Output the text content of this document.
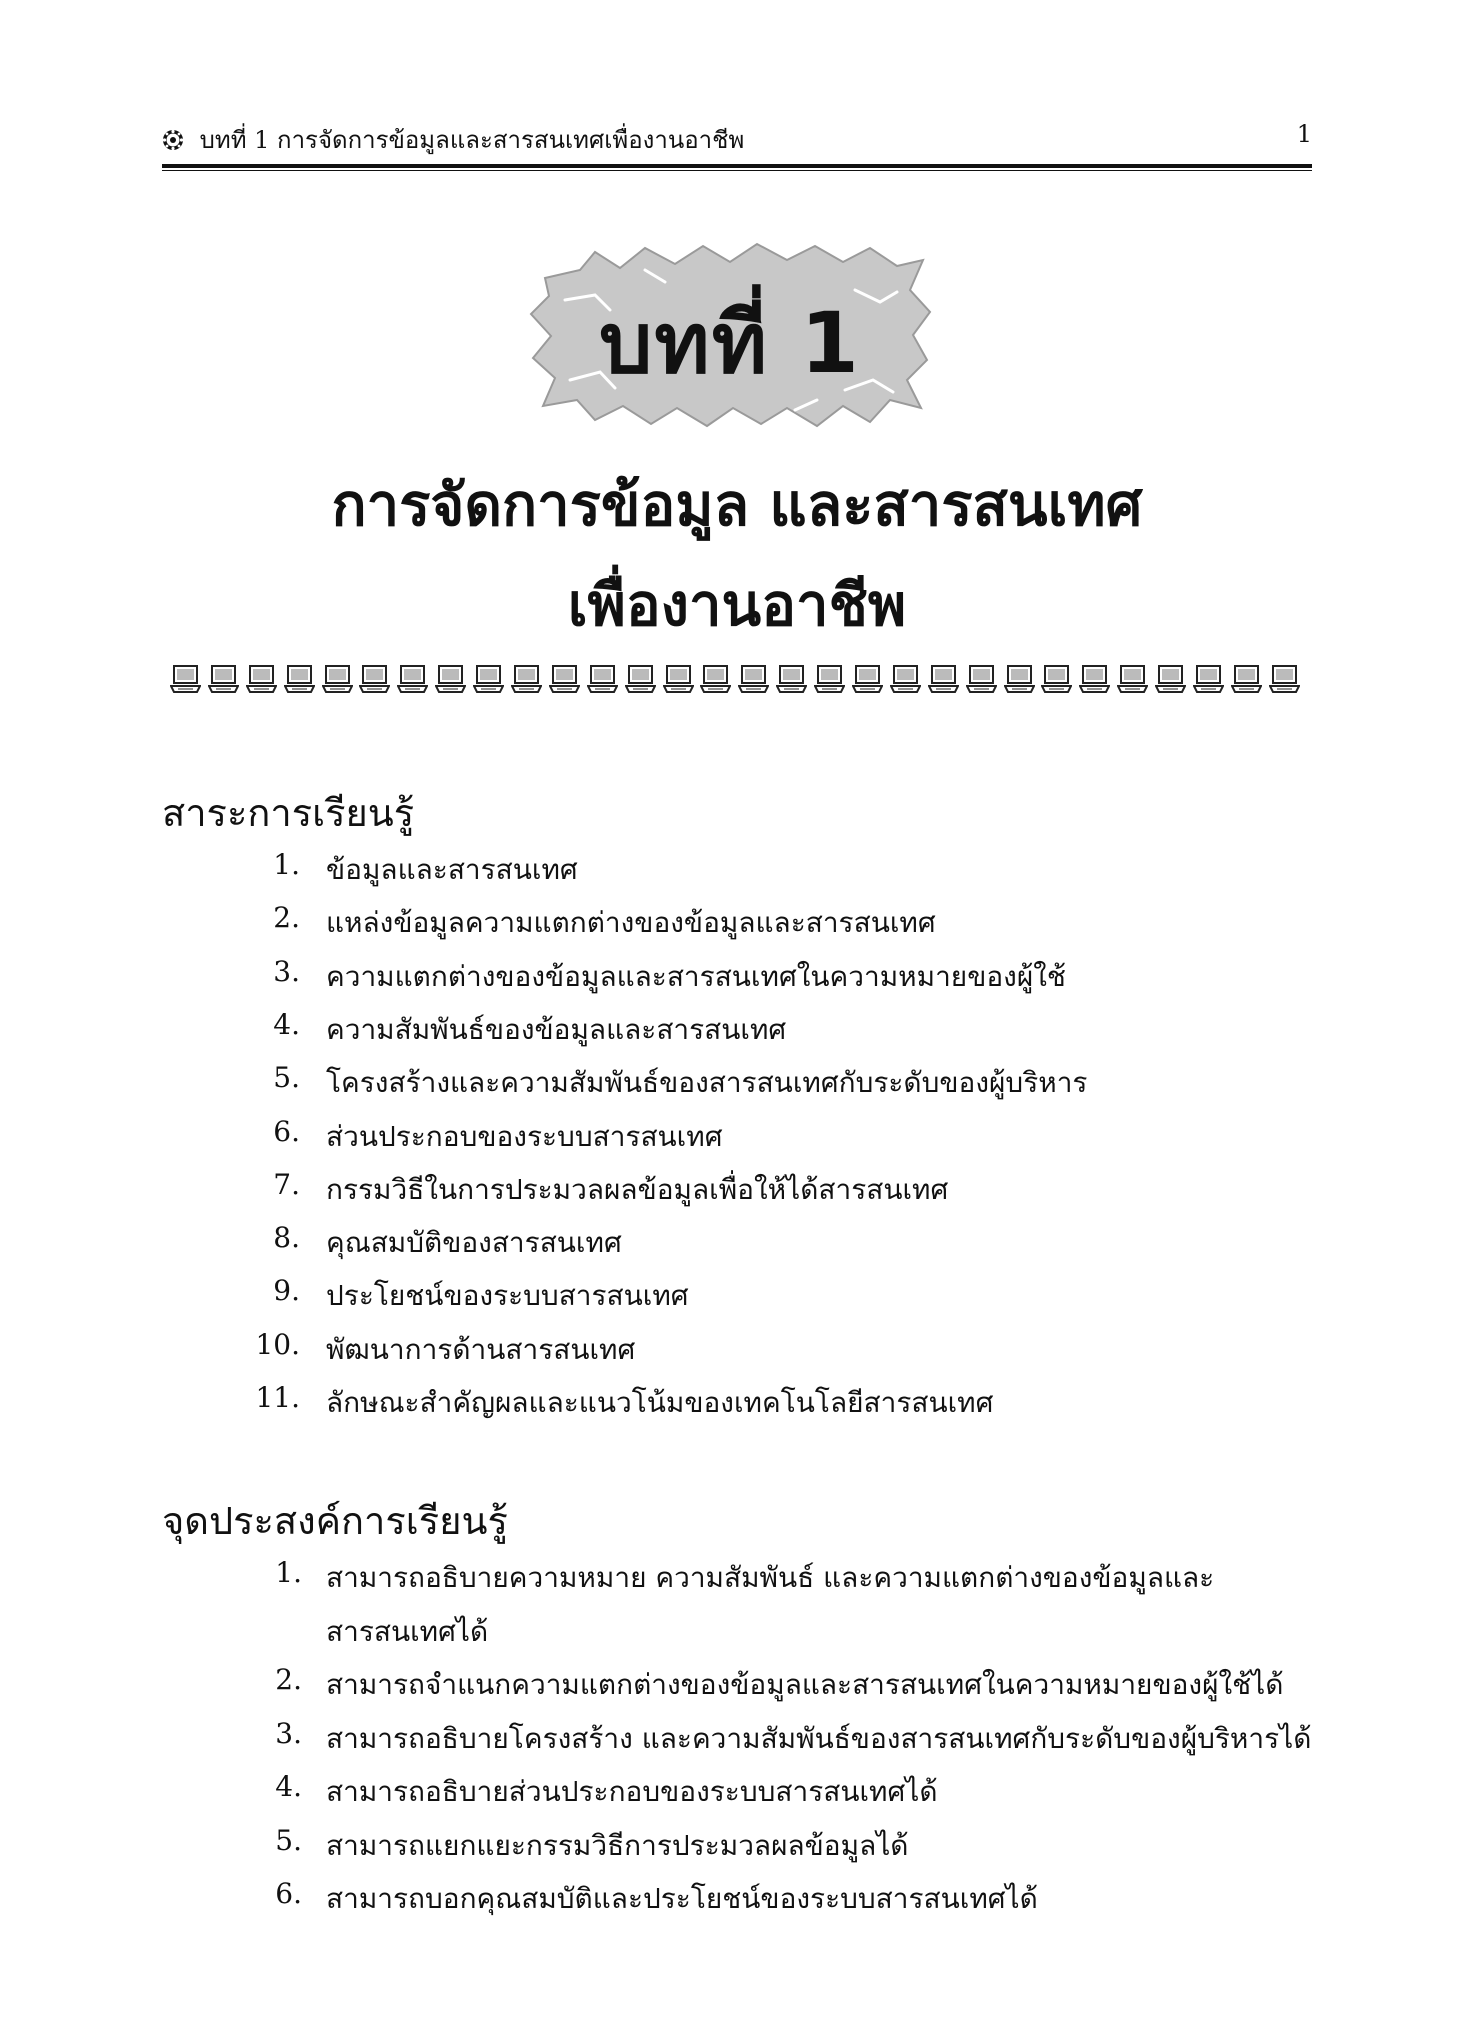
บทที่ 1 การจัดการข้อมูลและสารสนเทศเพื่องานอาชีพ	1
บทที่ 1
การจัดการข้อมูล และสารสนเทศ
เพื่องานอาชีพ
สาระการเรียนรู้
1. ข้อมูลและสารสนเทศ
2. แหล่งข้อมูลความแตกต่างของข้อมูลและสารสนเทศ
3. ความแตกต่างของข้อมูลและสารสนเทศในความหมายของผู้ใช้
4. ความสัมพันธ์ของข้อมูลและสารสนเทศ
5. โครงสร้างและความสัมพันธ์ของสารสนเทศกับระดับของผู้บริหาร
6. ส่วนประกอบของระบบสารสนเทศ
7. กรรมวิธีในการประมวลผลข้อมูลเพื่อให้ได้สารสนเทศ
8. คุณสมบัติของสารสนเทศ
9. ประโยชน์ของระบบสารสนเทศ
10. พัฒนาการด้านสารสนเทศ
11. ลักษณะสำคัญผลและแนวโน้มของเทคโนโลยีสารสนเทศ
จุดประสงค์การเรียนรู้
1. สามารถอธิบายความหมาย ความสัมพันธ์ และความแตกต่างของข้อมูลและ
สารสนเทศได้
2. สามารถจำแนกความแตกต่างของข้อมูลและสารสนเทศในความหมายของผู้ใช้ได้
3. สามารถอธิบายโครงสร้าง และความสัมพันธ์ของสารสนเทศกับระดับของผู้บริหารได้
4. สามารถอธิบายส่วนประกอบของระบบสารสนเทศได้
5. สามารถแยกแยะกรรมวิธีการประมวลผลข้อมูลได้
6. สามารถบอกคุณสมบัติและประโยชน์ของระบบสารสนเทศได้
